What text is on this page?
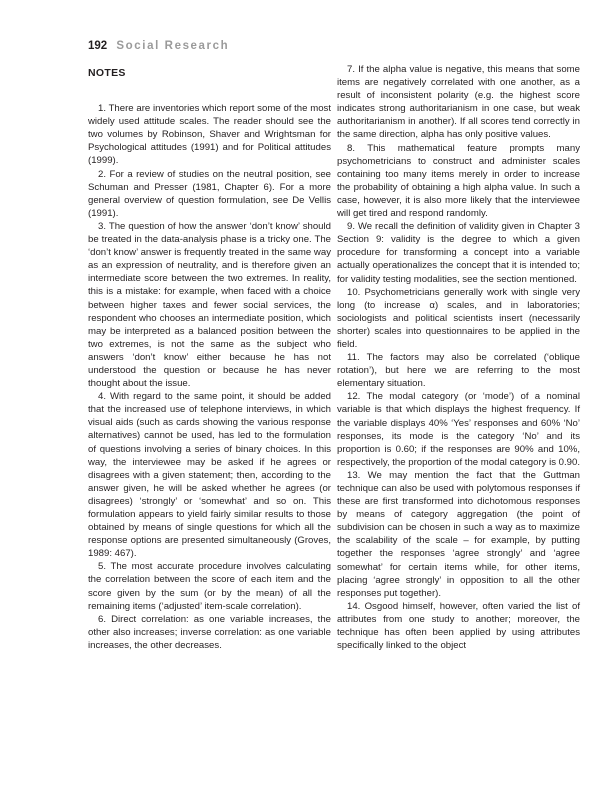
192 Social Research
NOTES

1. There are inventories which report some of the most widely used attitude scales. The reader should see the two volumes by Robinson, Shaver and Wrightsman for Psychological attitudes (1991) and for Political attitudes (1999).

2. For a review of studies on the neutral position, see Schuman and Presser (1981, Chapter 6). For a more general overview of question formulation, see De Vellis (1991).

3. The question of how the answer ‘don’t know’ should be treated in the data-analysis phase is a tricky one. The ‘don’t know’ answer is frequently treated in the same way as an expression of neutrality, and is therefore given an intermediate score between the two extremes. In reality, this is a mistake: for example, when faced with a choice between higher taxes and fewer social services, the respondent who chooses an intermediate position, which may be interpreted as a balanced position between the two extremes, is not the same as the subject who answers ‘don’t know’ either because he has not understood the question or because he has never thought about the issue.

4. With regard to the same point, it should be added that the increased use of telephone interviews, in which visual aids (such as cards showing the various response alternatives) cannot be used, has led to the formulation of questions involving a series of binary choices. In this way, the interviewee may be asked if he agrees or disagrees with a given statement; then, according to the answer given, he will be asked whether he agrees (or disagrees) ‘strongly’ or ‘somewhat’ and so on. This formulation appears to yield fairly similar results to those obtained by means of single questions for which all the response options are presented simultaneously (Groves, 1989: 467).

5. The most accurate procedure involves calculating the correlation between the score of each item and the score given by the sum (or by the mean) of all the remaining items (‘adjusted’ item-scale correlation).

6. Direct correlation: as one variable increases, the other also increases; inverse correlation: as one variable increases, the other decreases.

7. If the alpha value is negative, this means that some items are negatively correlated with one another, as a result of inconsistent polarity (e.g. the highest score indicates strong authoritarianism in one case, but weak authoritarianism in another). If all scores tend correctly in the same direction, alpha has only positive values.

8. This mathematical feature prompts many psychometricians to construct and administer scales containing too many items merely in order to increase the probability of obtaining a high alpha value. In such a case, however, it is also more likely that the interviewee will get tired and respond randomly.

9. We recall the definition of validity given in Chapter 3 Section 9: validity is the degree to which a given procedure for transforming a concept into a variable actually operationalizes the concept that it is intended to; for validity testing modalities, see the section mentioned.

10. Psychometricians generally work with single very long (to increase α) scales, and in laboratories; sociologists and political scientists insert (necessarily shorter) scales into questionnaires to be applied in the field.

11. The factors may also be correlated (‘oblique rotation’), but here we are referring to the most elementary situation.

12. The modal category (or ‘mode’) of a nominal variable is that which displays the highest frequency. If the variable displays 40% ‘Yes’ responses and 60% ‘No’ responses, its mode is the category ‘No’ and its proportion is 0.60; if the responses are 90% and 10%, respectively, the proportion of the modal category is 0.90.

13. We may mention the fact that the Guttman technique can also be used with polytomous responses if these are first transformed into dichotomous responses by means of category aggregation (the point of subdivision can be chosen in such a way as to maximize the scalability of the scale – for example, by putting together the responses ‘agree strongly’ and ‘agree somewhat’ for certain items while, for other items, placing ‘agree strongly’ in opposition to all the other responses put together).

14. Osgood himself, however, often varied the list of attributes from one study to another; moreover, the technique has often been applied by using attributes specifically linked to the object
